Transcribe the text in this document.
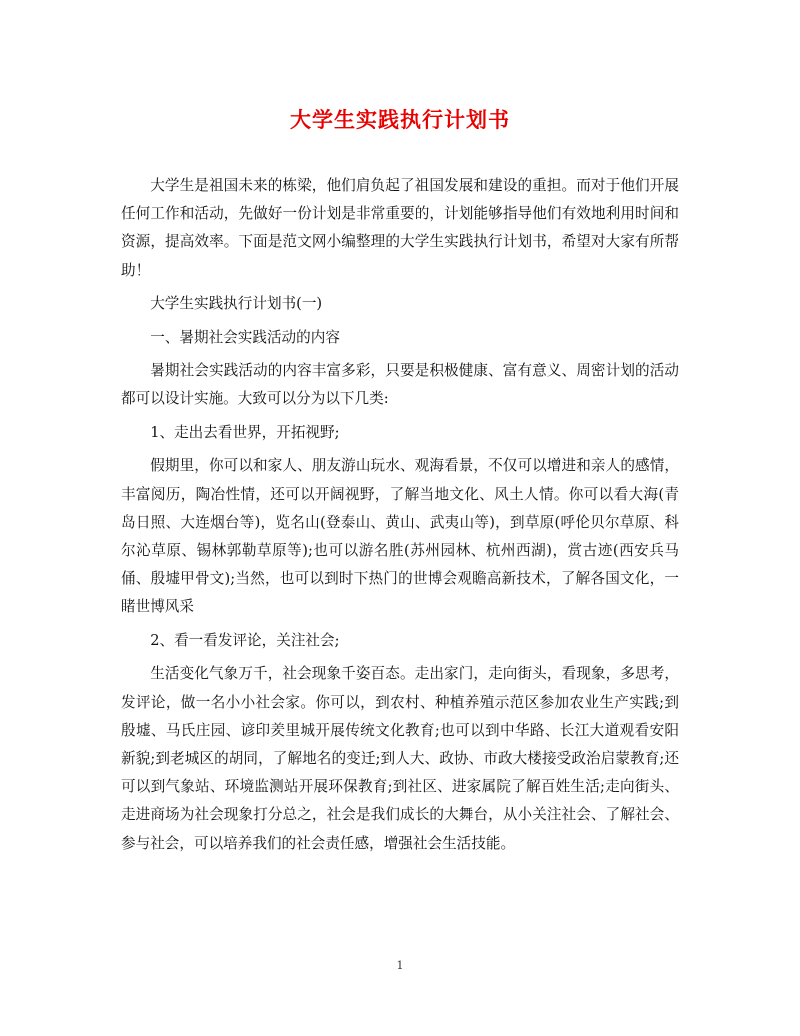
大学生实践执行计划书

大学生是祖国未来的栋梁，他们肩负起了祖国发展和建设的重担。而对于他们开展任何工作和活动，先做好一份计划是非常重要的，计划能够指导他们有效地利用时间和资源，提高效率。下面是范文网小编整理的大学生实践执行计划书，希望对大家有所帮助！

大学生实践执行计划书(一)

一、暑期社会实践活动的内容

暑期社会实践活动的内容丰富多彩，只要是积极健康、富有意义、周密计划的活动都可以设计实施。大致可以分为以下几类:

1、走出去看世界，开拓视野;

假期里，你可以和家人、朋友游山玩水、观海看景，不仅可以增进和亲人的感情，丰富阅历，陶冶性情，还可以开阔视野，了解当地文化、风土人情。你可以看大海(青岛日照、大连烟台等)，览名山(登泰山、黄山、武夷山等)，到草原(呼伦贝尔草原、科尔沁草原、锡林郭勒草原等);也可以游名胜(苏州园林、杭州西湖)，赏古迹(西安兵马俑、殷墟甲骨文);当然，也可以到时下热门的世博会观瞻高新技术，了解各国文化，一睹世博风采

2、看一看发评论，关注社会;

生活变化气象万千，社会现象千姿百态。走出家门，走向街头，看现象，多思考，发评论，做一名小小社会家。你可以，到农村、种植养殖示范区参加农业生产实践;到殷墟、马氏庄园、谚印羑里城开展传统文化教育;也可以到中华路、长江大道观看安阳新貌;到老城区的胡同，了解地名的变迁;到人大、政协、市政大楼接受政治启蒙教育;还可以到气象站、环境监测站开展环保教育;到社区、进家属院了解百姓生活;走向街头、走进商场为社会现象打分总之，社会是我们成长的大舞台，从小关注社会、了解社会、参与社会，可以培养我们的社会责任感，增强社会生活技能。

1
